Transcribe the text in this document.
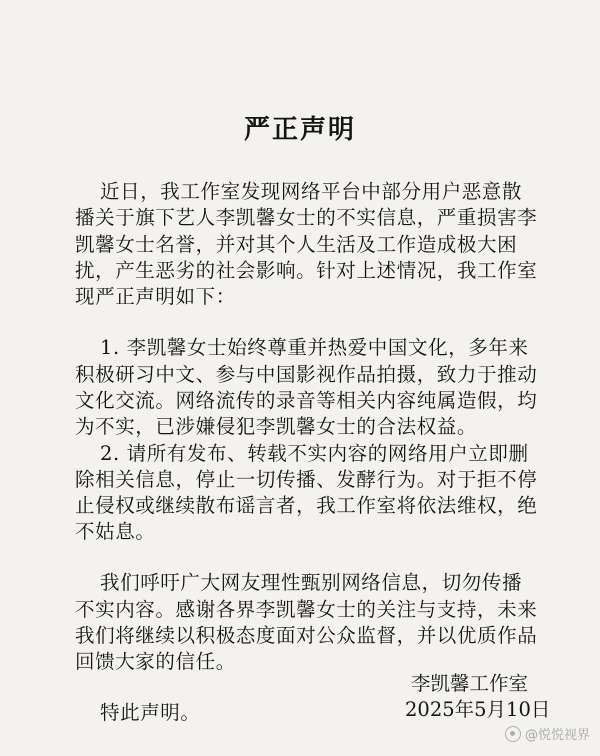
严正声明
近日，我工作室发现网络平台中部分用户恶意散
播关于旗下艺人李凯馨女士的不实信息，严重损害李
凯馨女士名誉，并对其个人生活及工作造成极大困
扰，产生恶劣的社会影响。针对上述情况，我工作室
现严正声明如下：
1. 李凯馨女士始终尊重并热爱中国文化，多年来
积极研习中文、参与中国影视作品拍摄，致力于推动
文化交流。网络流传的录音等相关内容纯属造假，均
为不实，已涉嫌侵犯李凯馨女士的合法权益。
2. 请所有发布、转载不实内容的网络用户立即删
除相关信息，停止一切传播、发酵行为。对于拒不停
止侵权或继续散布谣言者，我工作室将依法维权，绝
不姑息。
我们呼吁广大网友理性甄别网络信息，切勿传播
不实内容。感谢各界李凯馨女士的关注与支持，未来
我们将继续以积极态度面对公众监督，并以优质作品
回馈大家的信任。
特此声明。
李凯馨工作室
2025年5月10日
@悦悦视界
